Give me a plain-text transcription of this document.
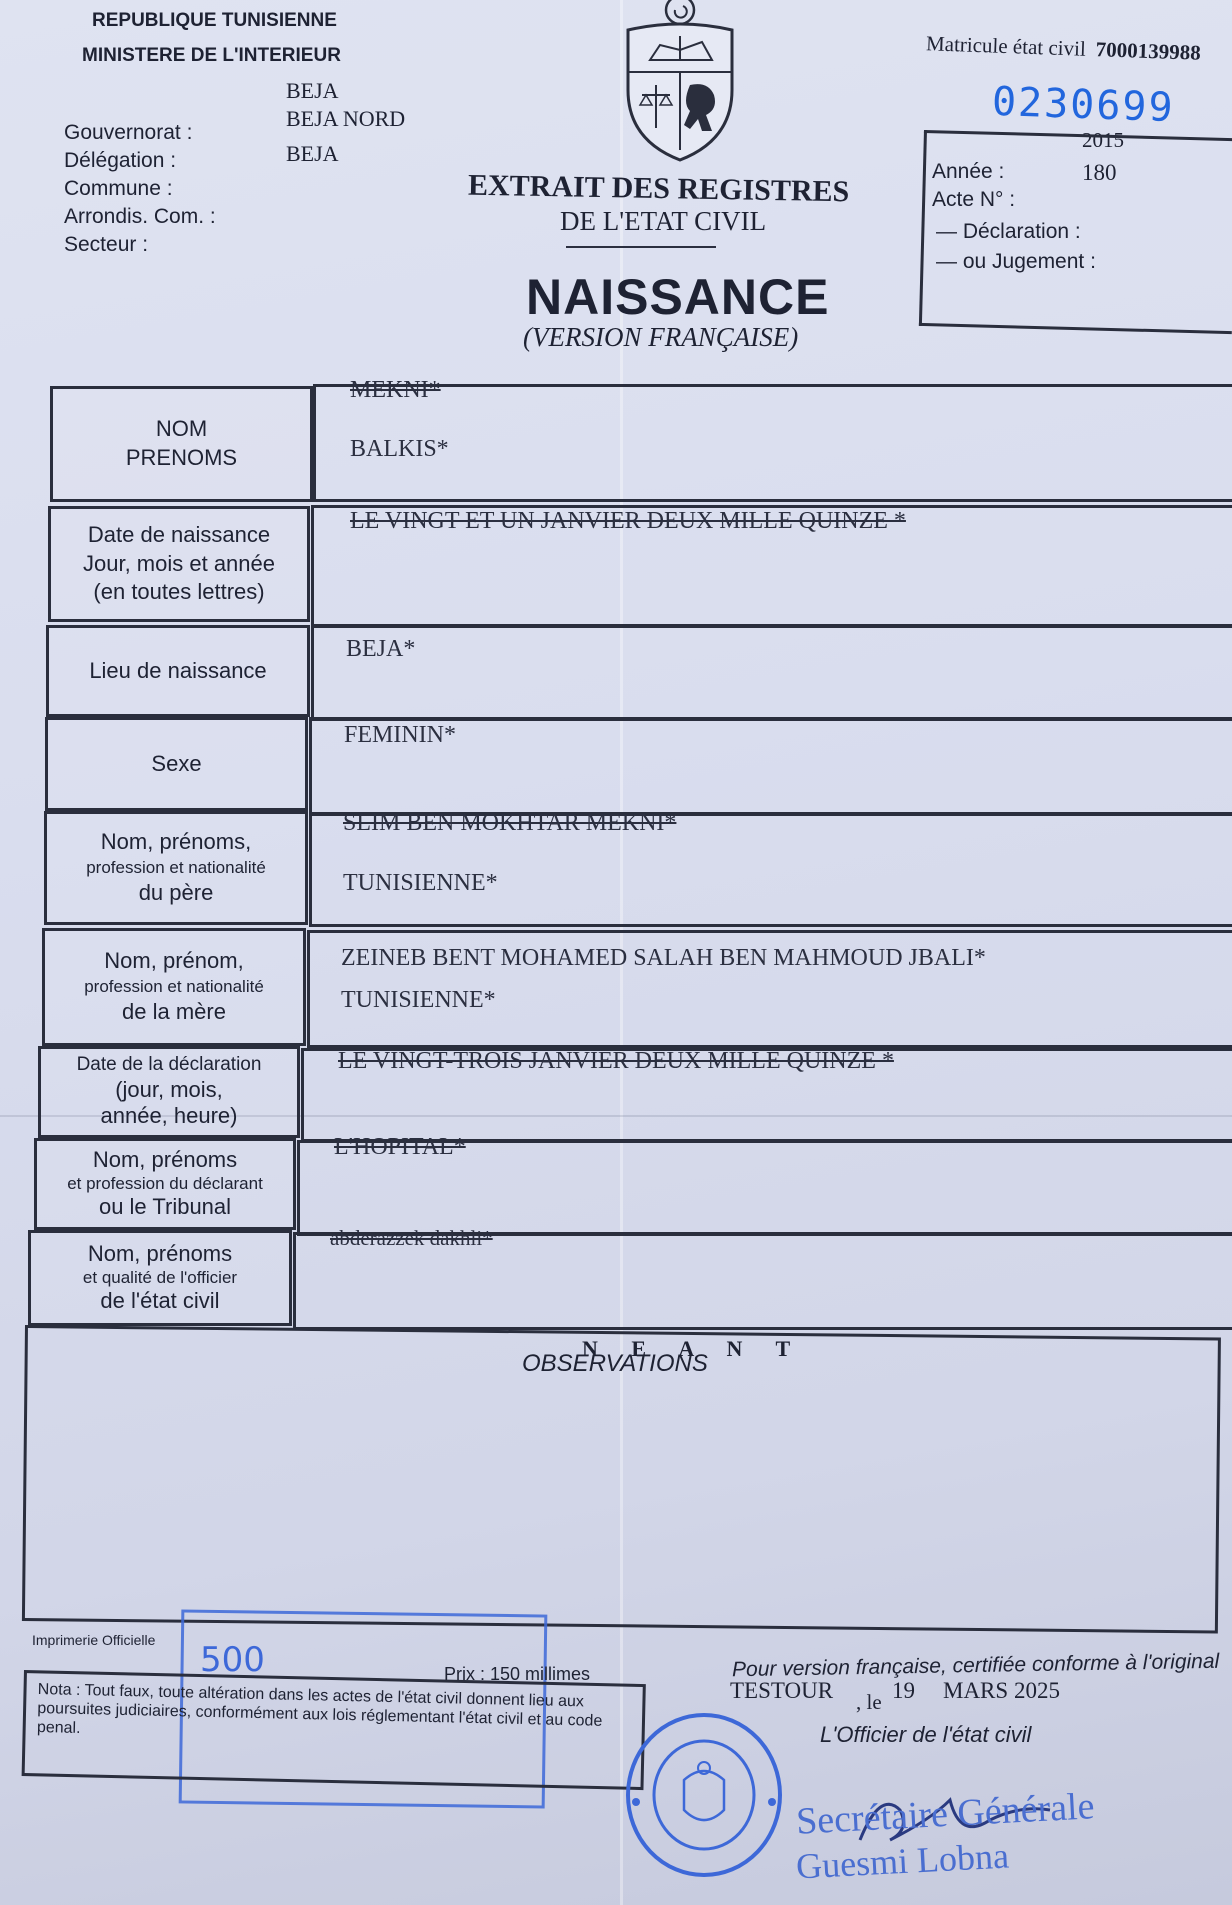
REPUBLIQUE TUNISIENNE
MINISTERE DE L'INTERIEUR
BEJA
BEJA NORD
BEJA
Gouvernorat :
Délégation :
Commune :
Arrondis. Com. :
Secteur :
EXTRAIT DES REGISTRES
DE L'ETAT CIVIL
NAISSANCE
(VERSION FRANÇAISE)
Matricule état civil 7000139988
0230699
2015
Année :	180
Acte N° :
— Déclaration :
— ou Jugement :
NOM
PRENOMS
MEKNI*
BALKIS*
Date de naissance
Jour, mois et année
(en toutes lettres)
LE VINGT ET UN JANVIER DEUX MILLE QUINZE *
Lieu de naissance
BEJA*
Sexe
FEMININ*
Nom, prénoms,
profession et nationalité
du père
SLIM BEN MOKHTAR MEKNI*
TUNISIENNE*
Nom, prénom,
profession et nationalité
de la mère
ZEINEB BENT MOHAMED SALAH BEN MAHMOUD JBALI*
TUNISIENNE*
Date de la déclaration
(jour, mois,
année, heure)
LE VINGT-TROIS JANVIER DEUX MILLE QUINZE *
Nom, prénoms
et profession du déclarant
ou le Tribunal
L'HOPITAL*
Nom, prénoms
et qualité de l'officier
de l'état civil
abderazzek dakhli*
OBSERVATIONS
N E A N T
Imprimerie Officielle 500	Prix : 150 millimes
Nota : Tout faux, toute altération dans les actes de l'état civil donnent lieu aux poursuites judiciaires, conformément aux lois réglementant l'état civil et au code penal.
Pour version française, certifiée conforme à l'original
TESTOUR , le 19 MARS 2025
L'Officier de l'état civil
Secrétaire Générale
Guesmi Lobna
